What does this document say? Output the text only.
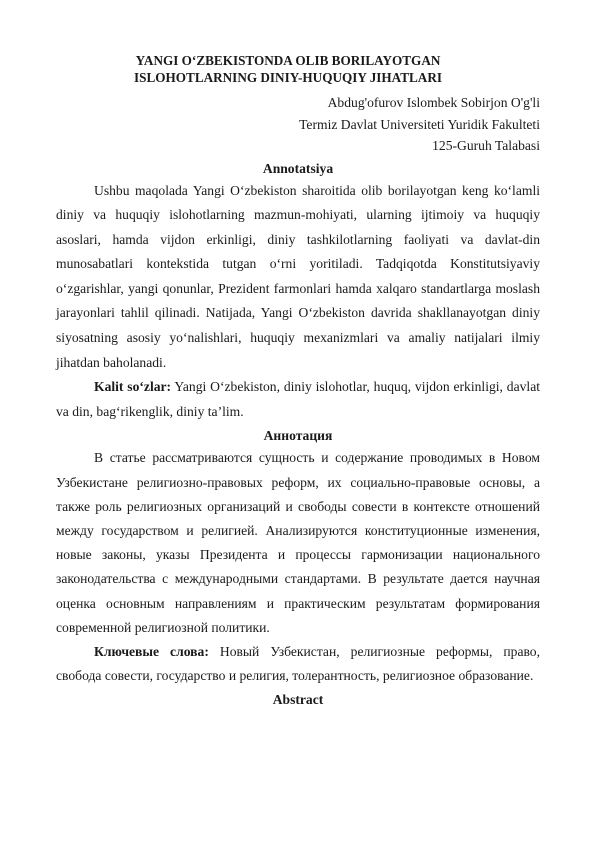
YANGI O‘ZBEKISTONDA OLIB BORILAYOTGAN
ISLOHOTLARNING DINIY-HUQUQIY JIHATLARI
Abdug'ofurov Islombek Sobirjon O'g'li
Termiz Davlat Universiteti Yuridik Fakulteti
125-Guruh Talabasi
Annotatsiya

Ushbu maqolada Yangi O‘zbekiston sharoitida olib borilayotgan keng ko‘lamli diniy va huquqiy islohotlarning mazmun-mohiyati, ularning ijtimoiy va huquqiy asoslari, hamda vijdon erkinligi, diniy tashkilotlarning faoliyati va davlat-din munosabatlari kontekstida tutgan o‘rni yoritiladi. Tadqiqotda Konstitutsiyaviy o‘zgarishlar, yangi qonunlar, Prezident farmonlari hamda xalqaro standartlarga moslash jarayonlari tahlil qilinadi. Natijada, Yangi O‘zbekiston davrida shakllanayotgan diniy siyosatning asosiy yo‘nalishlari, huquqiy mexanizmlari va amaliy natijalari ilmiy jihatdan baholanadi.

Kalit so‘zlar: Yangi O‘zbekiston, diniy islohotlar, huquq, vijdon erkinligi, davlat va din, bag‘rikenglik, diniy ta’lim.

Аннотация

В статье рассматриваются сущность и содержание проводимых в Новом Узбекистане религиозно-правовых реформ, их социально-правовые основы, а также роль религиозных организаций и свободы совести в контексте отношений между государством и религией. Анализируются конституционные изменения, новые законы, указы Президента и процессы гармонизации национального законодательства с международными стандартами. В результате дается научная оценка основным направлениям и практическим результатам формирования современной религиозной политики.

Ключевые слова: Новый Узбекистан, религиозные реформы, право, свобода совести, государство и религия, толерантность, религиозное образование.

Abstract
